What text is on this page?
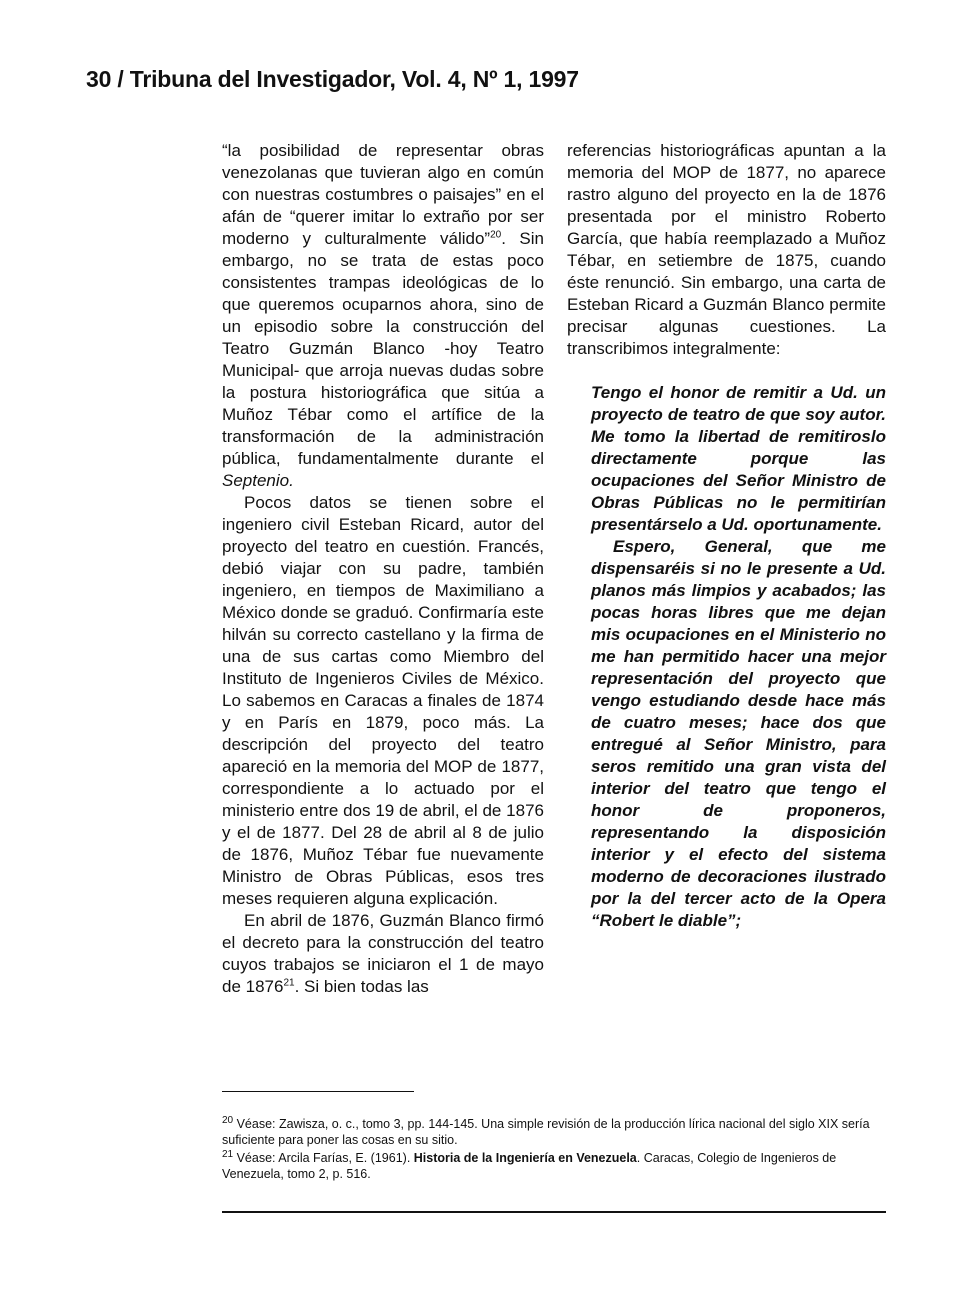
30 / Tribuna del Investigador, Vol. 4, Nº 1, 1997

“la posibilidad de representar obras venezolanas que tuvieran algo en común con nuestras costumbres o paisajes” en el afán de “querer imitar lo extraño por ser moderno y culturalmente válido”$^{20}$. Sin embargo, no se trata de estas poco consistentes trampas ideológicas de lo que queremos ocuparnos ahora, sino de un episodio sobre la construcción del Teatro Guzmán Blanco -hoy Teatro Municipal- que arroja nuevas dudas sobre la postura historiográfica que sitúa a Muñoz Tébar como el artífice de la transformación de la administración pública, fundamentalmente durante el Septenio.

Pocos datos se tienen sobre el ingeniero civil Esteban Ricard, autor del proyecto del teatro en cuestión. Francés, debió viajar con su padre, también ingeniero, en tiempos de Maximiliano a México donde se graduó. Confirmaría este hilván su correcto castellano y la firma de una de sus cartas como Miembro del Instituto de Ingenieros Civiles de México. Lo sabemos en Caracas a finales de 1874 y en París en 1879, poco más. La descripción del proyecto del teatro apareció en la memoria del MOP de 1877, correspondiente a lo actuado por el ministerio entre dos 19 de abril, el de 1876 y el de 1877. Del 28 de abril al 8 de julio de 1876, Muñoz Tébar fue nuevamente Ministro de Obras Públicas, esos tres meses requieren alguna explicación.

En abril de 1876, Guzmán Blanco firmó el decreto para la construcción del teatro cuyos trabajos se iniciaron el 1 de mayo de 1876$^{21}$. Si bien todas las

referencias historiográficas apuntan a la memoria del MOP de 1877, no aparece rastro alguno del proyecto en la de 1876 presentada por el ministro Roberto García, que había reemplazado a Muñoz Tébar, en setiembre de 1875, cuando éste renunció. Sin embargo, una carta de Esteban Ricard a Guzmán Blanco permite precisar algunas cuestiones. La transcribimos integralmente:

Tengo el honor de remitir a Ud. un proyecto de teatro de que soy autor. Me tomo la libertad de remitiroslo directamente porque las ocupaciones del Señor Ministro de Obras Públicas no le permitirían presentárselo a Ud. oportunamente.

Espero, General, que me dispensaréis si no le presente a Ud. planos más limpios y acabados; las pocas horas libres que me dejan mis ocupaciones en el Ministerio no me han permitido hacer una mejor representación del proyecto que vengo estudiando desde hace más de cuatro meses; hace dos que entregué al Señor Ministro, para seros remitido una gran vista del interior del teatro que tengo el honor de proponeros, representando la disposición interior y el efecto del sistema moderno de decoraciones ilustrado por la del tercer acto de la Opera “Robert le diable”;

$^{20}$ Véase: Zawisza, o. c., tomo 3, pp. 144-145. Una simple revisión de la producción lírica nacional del siglo XIX sería suficiente para poner las cosas en su sitio.

$^{21}$ Véase: Arcila Farías, E. (1961). Historia de la Ingeniería en Venezuela. Caracas, Colegio de Ingenieros de Venezuela, tomo 2, p. 516.
